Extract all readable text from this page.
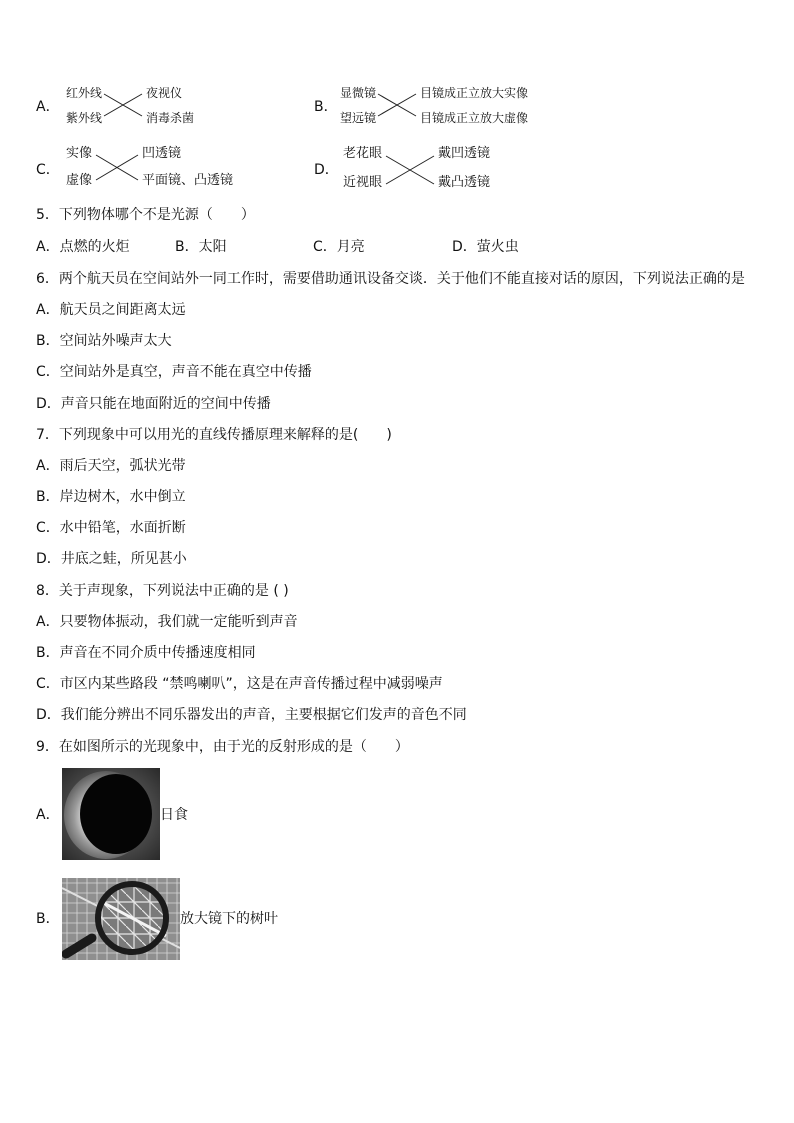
A．
红外线
紫外线
夜视仪
消毒杀菌
B．
显微镜
望远镜
目镜成正立放大实像
目镜成正立放大虚像
C．
实像
虚像
凹透镜
平面镜、凸透镜
D．
老花眼
近视眼
戴凹透镜
戴凸透镜
5．下列物体哪个不是光源（　　）
A．点燃的火炬	B．太阳	C．月亮	D．萤火虫
6．两个航天员在空间站外一同工作时，需要借助通讯设备交谈．关于他们不能直接对话的原因，下列说法正确的是
A．航天员之间距离太远
B．空间站外噪声太大
C．空间站外是真空，声音不能在真空中传播
D．声音只能在地面附近的空间中传播
7．下列现象中可以用光的直线传播原理来解释的是(　　)
A．雨后天空，弧状光带
B．岸边树木，水中倒立
C．水中铅笔，水面折断
D．井底之蛙，所见甚小
8．关于声现象，下列说法中正确的是 ( )
A．只要物体振动，我们就一定能听到声音
B．声音在不同介质中传播速度相同
C．市区内某些路段 “禁鸣喇叭”，这是在声音传播过程中减弱噪声
D．我们能分辨出不同乐器发出的声音，主要根据它们发声的音色不同
9．在如图所示的光现象中，由于光的反射形成的是（　　）
A．	日食
B．	放大镜下的树叶
